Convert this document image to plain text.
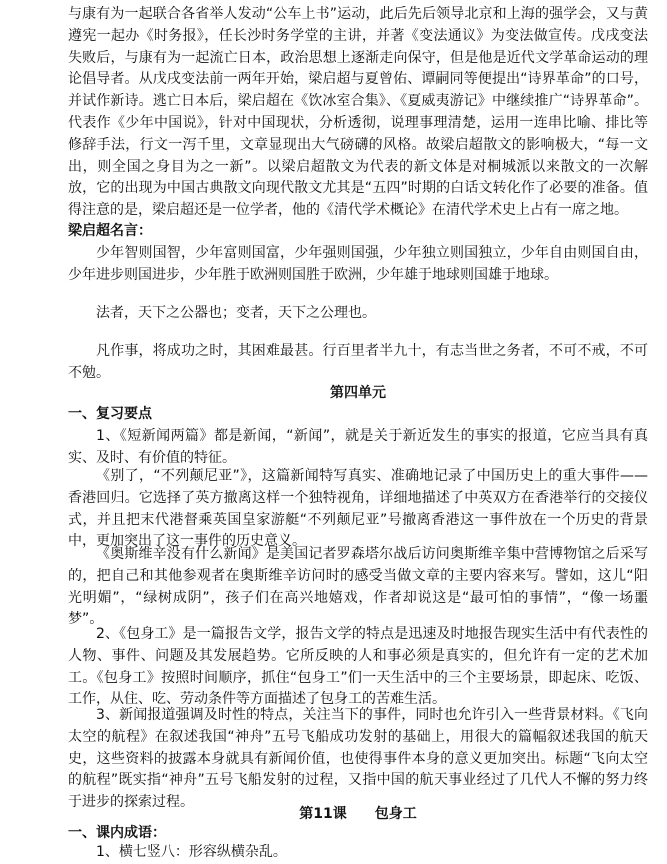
与康有为一起联合各省举人发动“公车上书”运动，此后先后领导北京和上海的强学会，又与黄遵宪一起办《时务报》，任长沙时务学堂的主讲，并著《变法通议》为变法做宣传。戊戌变法失败后，与康有为一起流亡日本，政治思想上逐渐走向保守，但是他是近代文学革命运动的理论倡导者。从戊戌变法前一两年开始，梁启超与夏曾佑、谭嗣同等便提出“诗界革命”的口号，并试作新诗。逃亡日本后，梁启超在《饮冰室合集》、《夏威夷游记》中继续推广“诗界革命”。代表作《少年中国说》，针对中国现状，分析透彻，说理事理清楚，运用一连串比喻、排比等修辞手法，行文一泻千里，文章显现出大气磅礴的风格。故梁启超散文的影响极大，“每一文出，则全国之身目为之一新”。以梁启超散文为代表的新文体是对桐城派以来散文的一次解放，它的出现为中国古典散文向现代散文尤其是“五四”时期的白话文转化作了必要的准备。值得注意的是，梁启超还是一位学者，他的《清代学术概论》在清代学术史上占有一席之地。

梁启超名言：

少年智则国智，少年富则国富，少年强则国强，少年独立则国独立，少年自由则国自由，少年进步则国进步，少年胜于欧洲则国胜于欧洲，少年雄于地球则国雄于地球。

法者，天下之公器也；变者，天下之公理也。

凡作事，将成功之时，其困难最甚。行百里者半九十，有志当世之务者，不可不戒，不可不勉。

第四单元

一、复习要点

1、《短新闻两篇》都是新闻，“新闻”，就是关于新近发生的事实的报道，它应当具有真实、及时、有价值的特征。

《别了，“不列颠尼亚”》，这篇新闻特写真实、准确地记录了中国历史上的重大事件——香港回归。它选择了英方撤离这样一个独特视角，详细地描述了中英双方在香港举行的交接仪式，并且把末代港督乘英国皇家游艇“不列颠尼亚”号撤离香港这一事件放在一个历史的背景中，更加突出了这一事件的历史意义。

《奥斯维辛没有什么新闻》是美国记者罗森塔尔战后访问奥斯维辛集中营博物馆之后采写的，把自己和其他参观者在奥斯维辛访问时的感受当做文章的主要内容来写。譬如，这儿“阳光明媚”，“绿树成阴”，孩子们在高兴地嬉戏，作者却说这是“最可怕的事情”，“像一场噩梦”。

2、《包身工》是一篇报告文学，报告文学的特点是迅速及时地报告现实生活中有代表性的人物、事件、问题及其发展趋势。它所反映的人和事必须是真实的，但允许有一定的艺术加工。《包身工》按照时间顺序，抓住“包身工”们一天生活中的三个主要场景，即起床、吃饭、工作，从住、吃、劳动条件等方面描述了包身工的苦难生活。

3、新闻报道强调及时性的特点，关注当下的事件，同时也允许引入一些背景材料。《飞向太空的航程》在叙述我国“神舟”五号飞船成功发射的基础上，用很大的篇幅叙述我国的航天史，这些资料的披露本身就具有新闻价值，也使得事件本身的意义更加突出。标题“飞向太空的航程”既实指“神舟”五号飞船发射的过程，又指中国的航天事业经过了几代人不懈的努力终于进步的探索过程。

第11课　　包身工

一、课内成语：

1、横七竖八：形容纵横杂乱。
